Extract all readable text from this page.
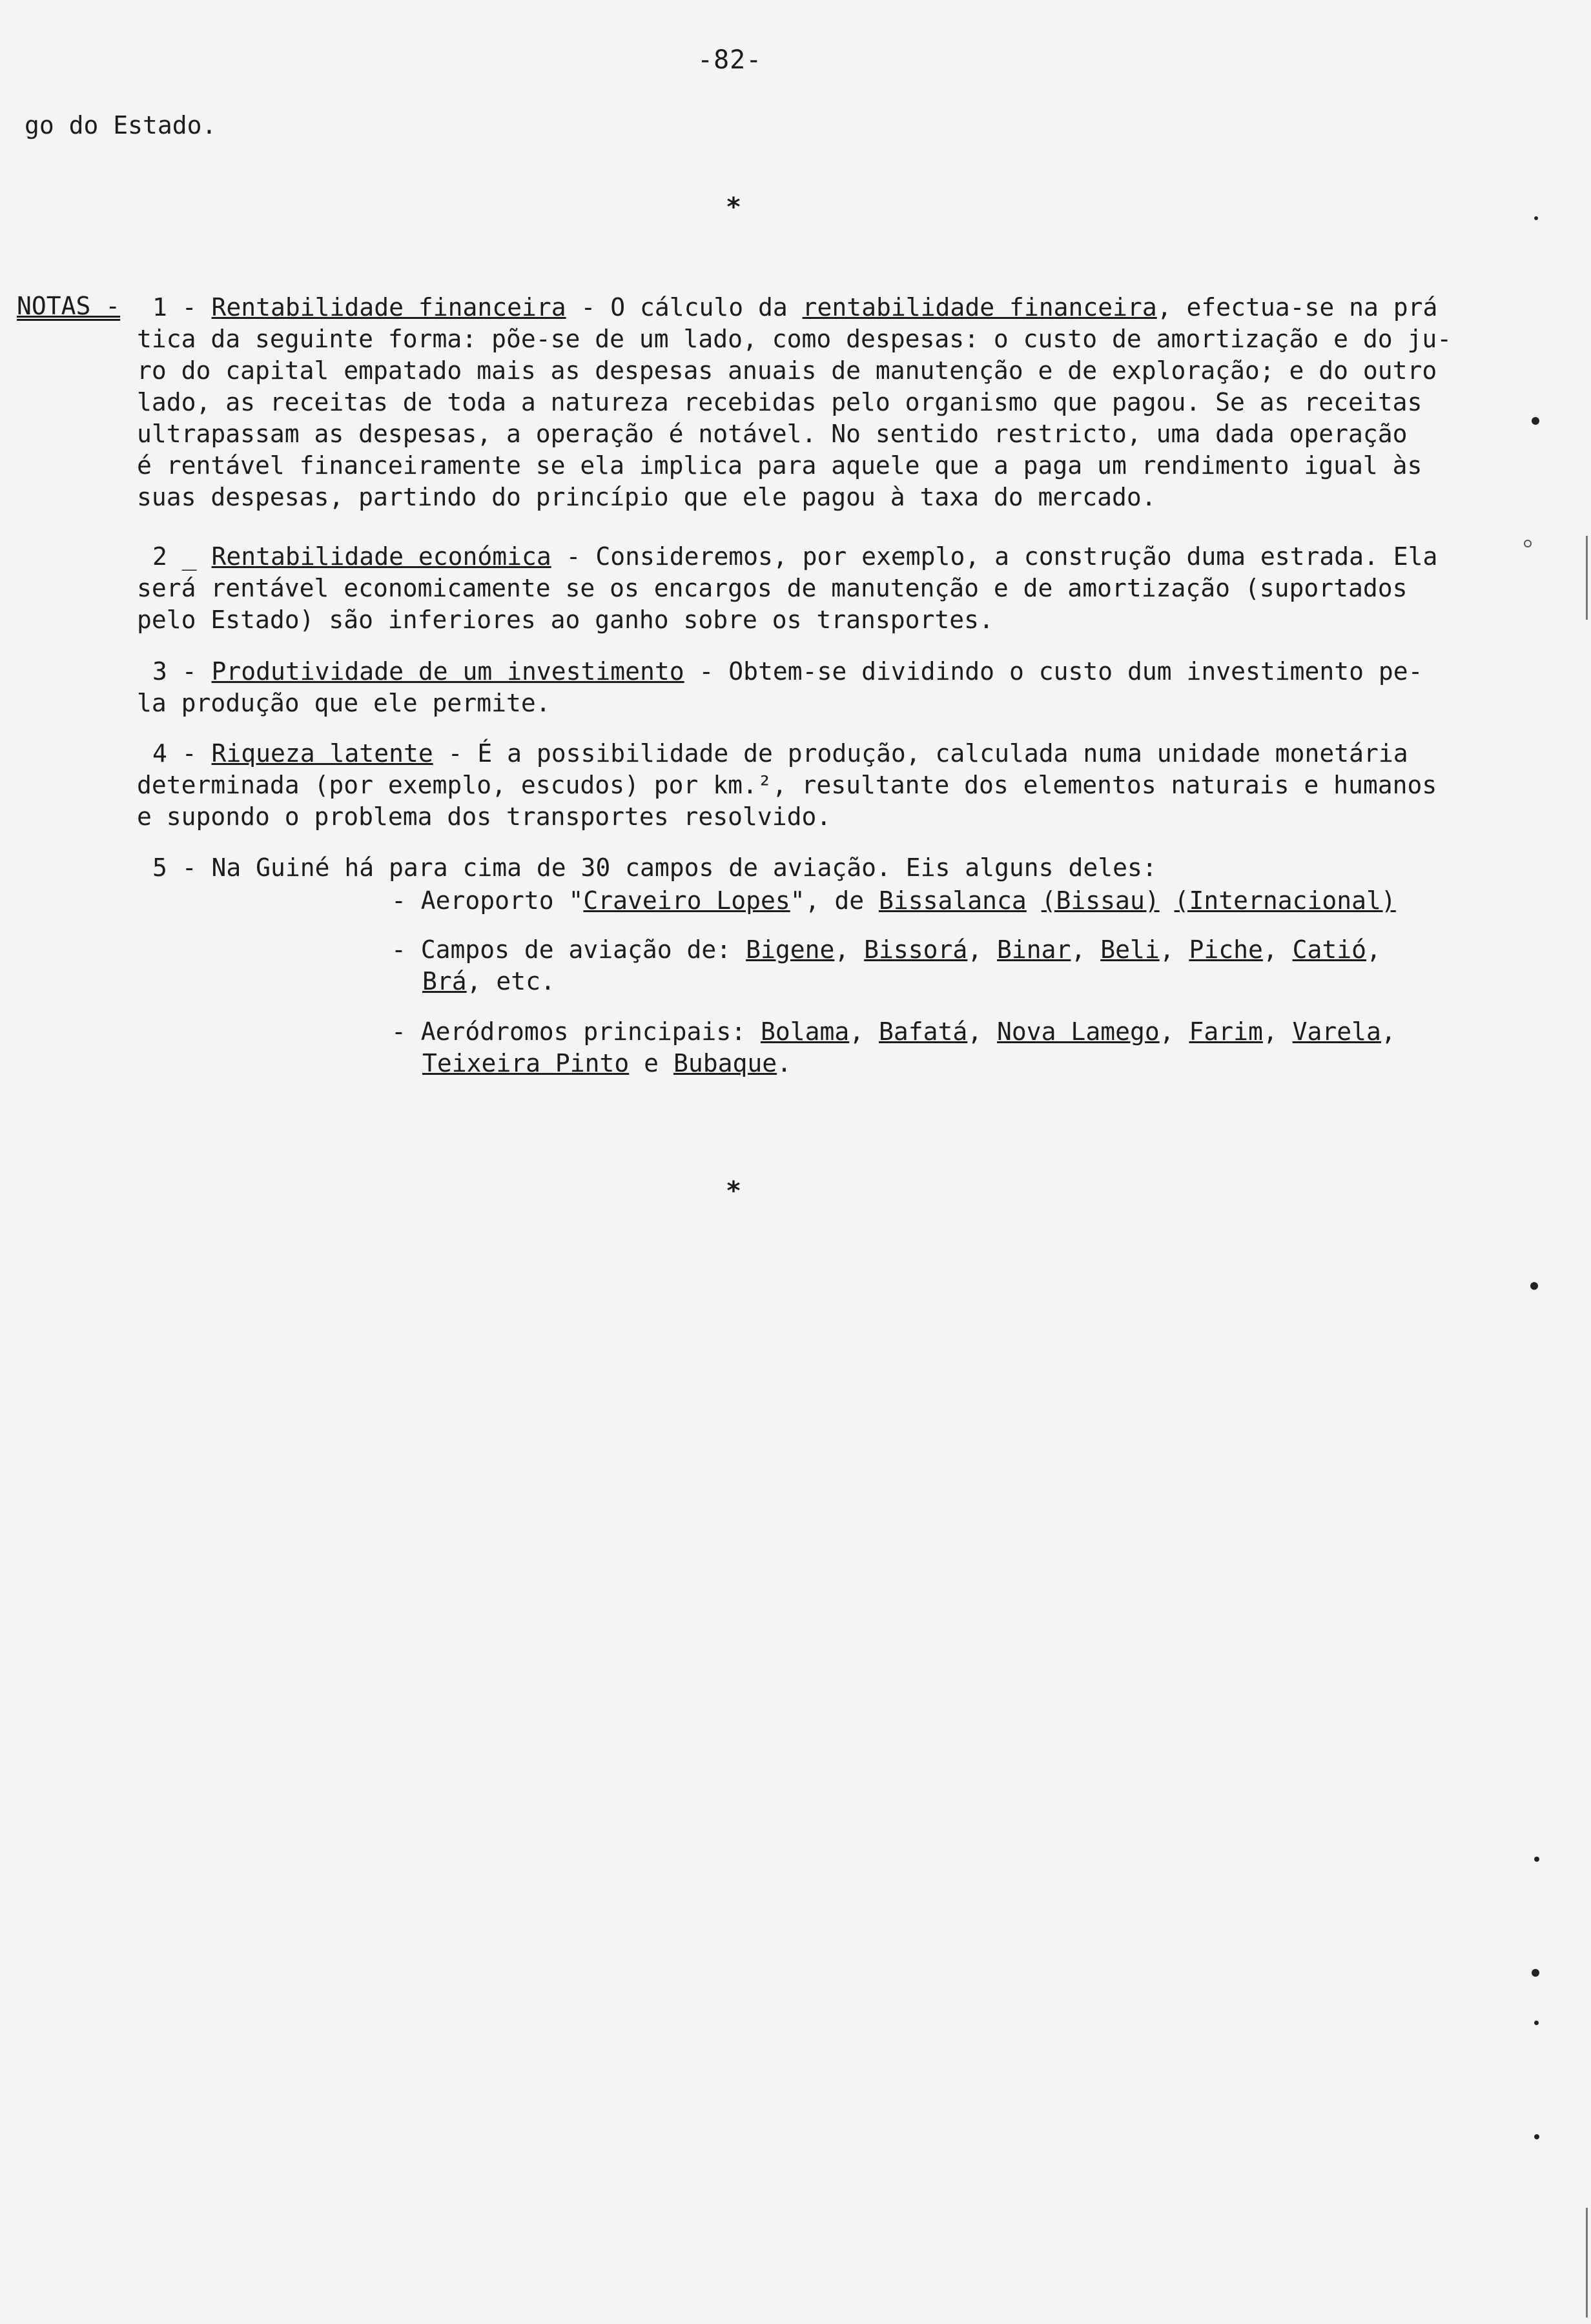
-82-
go do Estado.
*
NOTAS -	1 - Rentabilidade financeira - O cálculo da rentabilidade financeira, efectua-se na prá

tica da seguinte forma: põe-se de um lado, como despesas: o custo de amortização e do ju-

ro do capital empatado mais as despesas anuais de manutenção e de exploração; e do outro

lado, as receitas de toda a natureza recebidas pelo organismo que pagou. Se as receitas

ultrapassam as despesas, a operação é notável. No sentido restricto, uma dada operação

é rentável financeiramente se ela implica para aquele que a paga um rendimento igual às

suas despesas, partindo do princípio que ele pagou à taxa do mercado.

2 _ Rentabilidade económica - Consideremos, por exemplo, a construção duma estrada. Ela

será rentável economicamente se os encargos de manutenção e de amortização (suportados

pelo Estado) são inferiores ao ganho sobre os transportes.

3 - Produtividade de um investimento - Obtem-se dividindo o custo dum investimento pe-

la produção que ele permite.

4 - Riqueza latente - É a possibilidade de produção, calculada numa unidade monetária

determinada (por exemplo, escudos) por km.², resultante dos elementos naturais e humanos

e supondo o problema dos transportes resolvido.

5 - Na Guiné há para cima de 30 campos de aviação. Eis alguns deles:

- Aeroporto "Craveiro Lopes", de Bissalanca (Bissau) (Internacional)

- Campos de aviação de: Bigene, Bissorá, Binar, Beli, Piche, Catió,

Brá, etc.

- Aeródromos principais: Bolama, Bafatá, Nova Lamego, Farim, Varela,

Teixeira Pinto e Bubaque.

*
